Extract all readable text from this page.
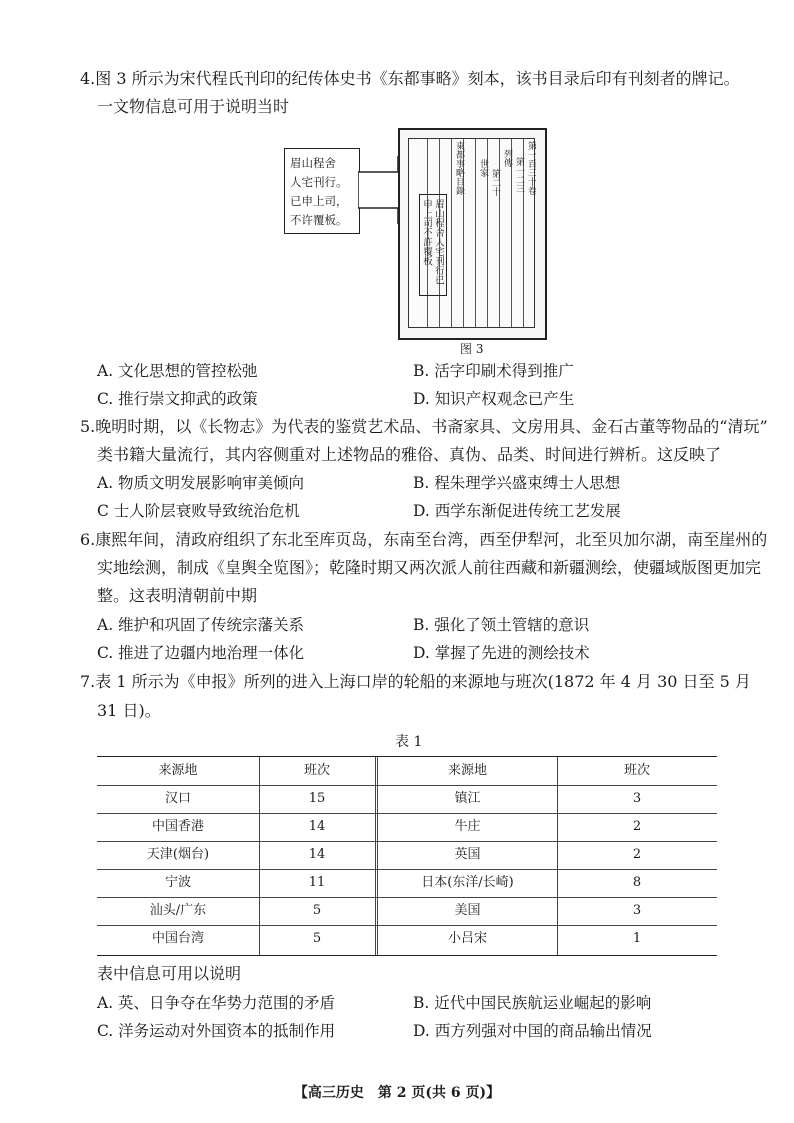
4.图 3 所示为宋代程氏刊印的纪传体史书《东都事略》刻本，该书目录后印有刊刻者的牌记。
一文物信息可用于说明当时
眉山程舍
人宅刊行。
已申上司，
不许覆板。	眉山程舍人宅刊行已申上司不許覆板
東都事略目錄 世家
第二十
列傳 第一二三 第一百三十卷
图 3
A. 文化思想的管控松弛	B. 活字印刷术得到推广
C. 推行崇文抑武的政策	D. 知识产权观念已产生
5.晚明时期，以《长物志》为代表的鉴赏艺术品、书斋家具、文房用具、金石古董等物品的“清玩”
类书籍大量流行，其内容侧重对上述物品的雅俗、真伪、品类、时间进行辨析。这反映了
A. 物质文明发展影响审美倾向	B. 程朱理学兴盛束缚士人思想
C 士人阶层衰败导致统治危机	D. 西学东渐促进传统工艺发展
6.康熙年间，清政府组织了东北至库页岛，东南至台湾，西至伊犁河，北至贝加尔湖，南至崖州的
实地绘测，制成《皇舆全览图》；乾隆时期又两次派人前往西藏和新疆测绘，使疆域版图更加完
整。这表明清朝前中期
A. 维护和巩固了传统宗藩关系	B. 强化了领土管辖的意识
C. 推进了边疆内地治理一体化	D. 掌握了先进的测绘技术
7.表 1 所示为《申报》所列的进入上海口岸的轮船的来源地与班次(1872 年 4 月 30 日至 5 月
31 日)。
表 1
来源地	班次	来源地	班次
汉口	15	镇江	3
中国香港	14	牛庄	2
天津(烟台)	14	英国	2
宁波	11	日本(东洋/长崎)	8
汕头/广东	5	美国	3
中国台湾	5	小吕宋	1
表中信息可用以说明
A. 英、日争夺在华势力范围的矛盾	B. 近代中国民族航运业崛起的影响
C. 洋务运动对外国资本的抵制作用	D. 西方列强对中国的商品输出情况
【高三历史　第 2 页(共 6 页)】
